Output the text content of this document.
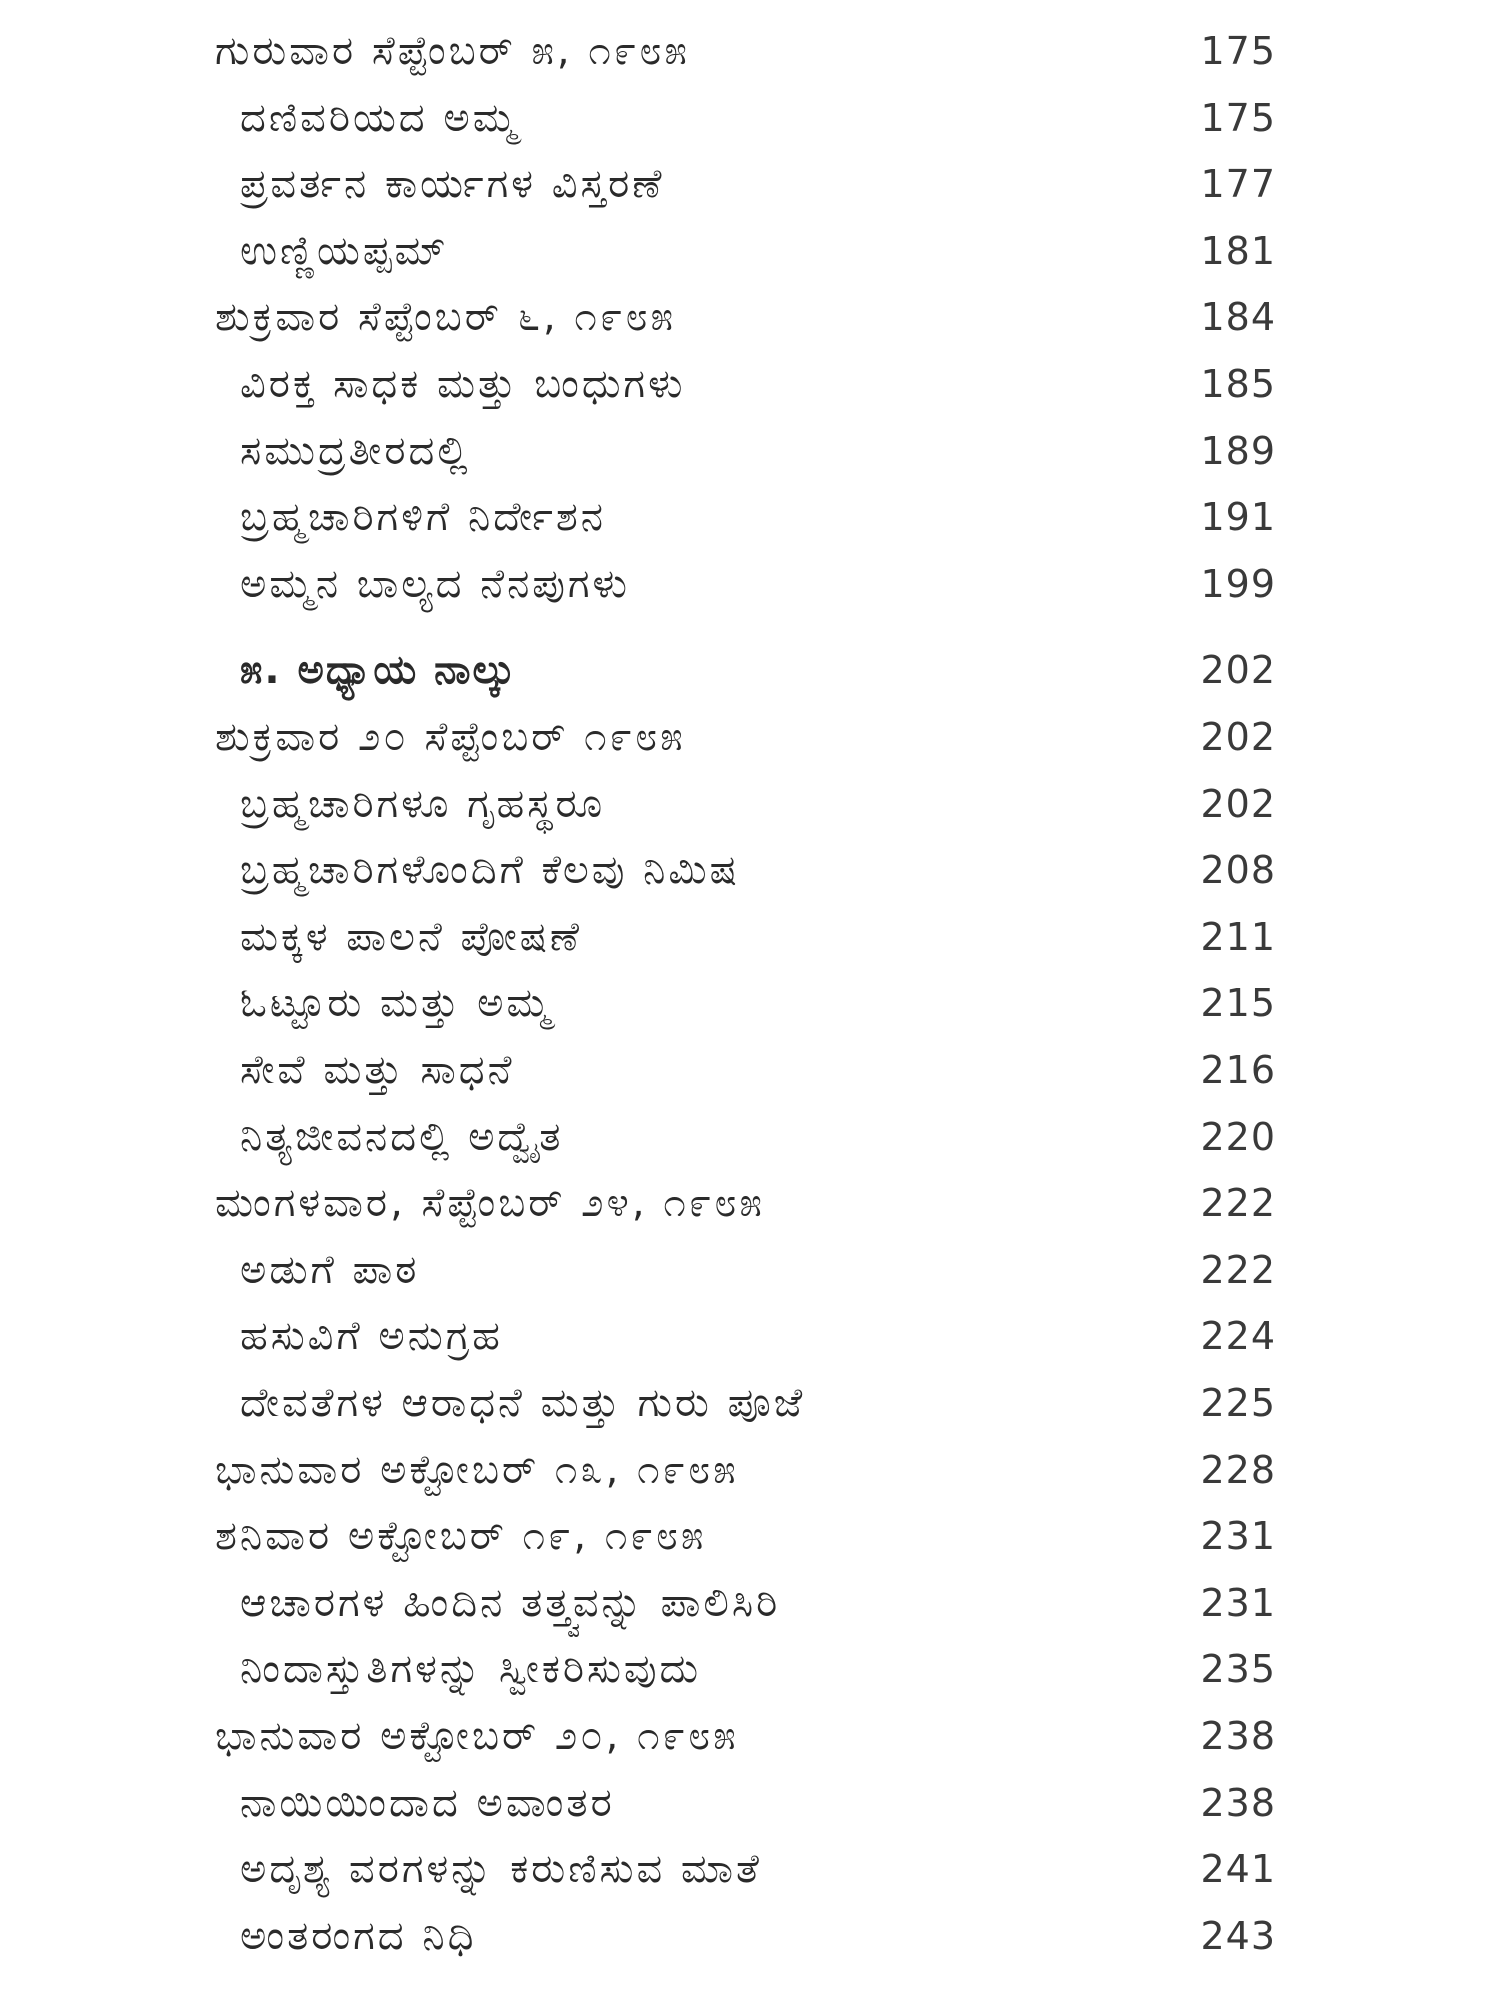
ಗುರುವಾರ ಸೆಪ್ಟೆಂಬರ್ ೫, ೧೯೮೫	175
ದಣಿವರಿಯದ ಅಮ್ಮ	175
ಪ್ರವರ್ತನ ಕಾರ್ಯಗಳ ವಿಸ್ತರಣೆ	177
ಉಣ್ಣಿಯಪ್ಪಮ್	181
ಶುಕ್ರವಾರ ಸೆಪ್ಟೆಂಬರ್ ೬, ೧೯೮೫	184
ವಿರಕ್ತ ಸಾಧಕ ಮತ್ತು ಬಂಧುಗಳು	185
ಸಮುದ್ರತೀರದಲ್ಲಿ	189
ಬ್ರಹ್ಮಚಾರಿಗಳಿಗೆ ನಿರ್ದೇಶನ	191
ಅಮ್ಮನ ಬಾಲ್ಯದ ನೆನಪುಗಳು	199
೫. ಅಧ್ಯಾಯ ನಾಲ್ಕು	202
ಶುಕ್ರವಾರ ೨೦ ಸೆಪ್ಟೆಂಬರ್ ೧೯೮೫	202
ಬ್ರಹ್ಮಚಾರಿಗಳೂ ಗೃಹಸ್ಥರೂ	202
ಬ್ರಹ್ಮಚಾರಿಗಳೊಂದಿಗೆ ಕೆಲವು ನಿಮಿಷ	208
ಮಕ್ಕಳ ಪಾಲನೆ ಪೋಷಣೆ	211
ಓಟ್ಟೂರು ಮತ್ತು ಅಮ್ಮ	215
ಸೇವೆ ಮತ್ತು ಸಾಧನೆ	216
ನಿತ್ಯಜೀವನದಲ್ಲಿ ಅದ್ವೈತ	220
ಮಂಗಳವಾರ, ಸೆಪ್ಟೆಂಬರ್ ೨೪, ೧೯೮೫	222
ಅಡುಗೆ ಪಾಠ	222
ಹಸುವಿಗೆ ಅನುಗ್ರಹ	224
ದೇವತೆಗಳ ಆರಾಧನೆ ಮತ್ತು ಗುರು ಪೂಜೆ	225
ಭಾನುವಾರ ಅಕ್ಟೋಬರ್ ೧೩, ೧೯೮೫	228
ಶನಿವಾರ ಅಕ್ಟೋಬರ್ ೧೯, ೧೯೮೫	231
ಆಚಾರಗಳ ಹಿಂದಿನ ತತ್ತ್ವವನ್ನು ಪಾಲಿಸಿರಿ	231
ನಿಂದಾಸ್ತುತಿಗಳನ್ನು ಸ್ವೀಕರಿಸುವುದು	235
ಭಾನುವಾರ ಅಕ್ಟೋಬರ್ ೨೦, ೧೯೮೫	238
ನಾಯಿಯಿಂದಾದ ಅವಾಂತರ	238
ಅದೃಶ್ಯ ವರಗಳನ್ನು ಕರುಣಿಸುವ ಮಾತೆ	241
ಅಂತರಂಗದ ನಿಧಿ	243
